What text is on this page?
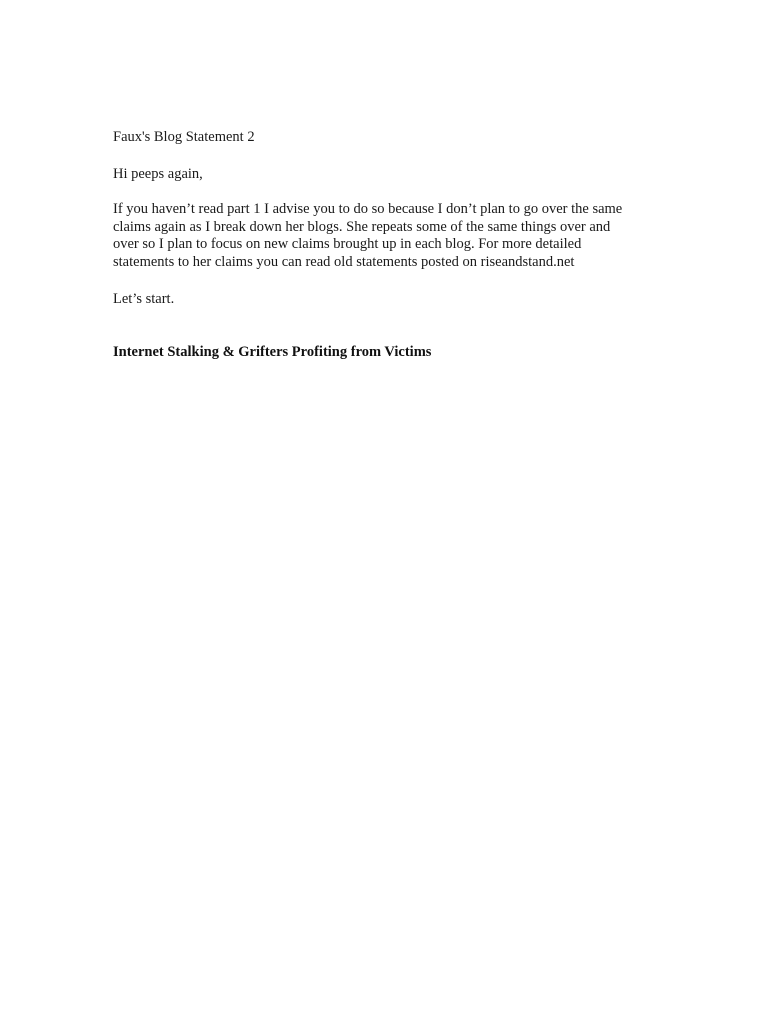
Faux's Blog Statement 2

Hi peeps again,

If you haven’t read part 1 I advise you to do so because I don’t plan to go over the same
claims again as I break down her blogs. She repeats some of the same things over and
over so I plan to focus on new claims brought up in each blog. For more detailed
statements to her claims you can read old statements posted on riseandstand.net

Let’s start.

Internet Stalking & Grifters Profiting from Victims
